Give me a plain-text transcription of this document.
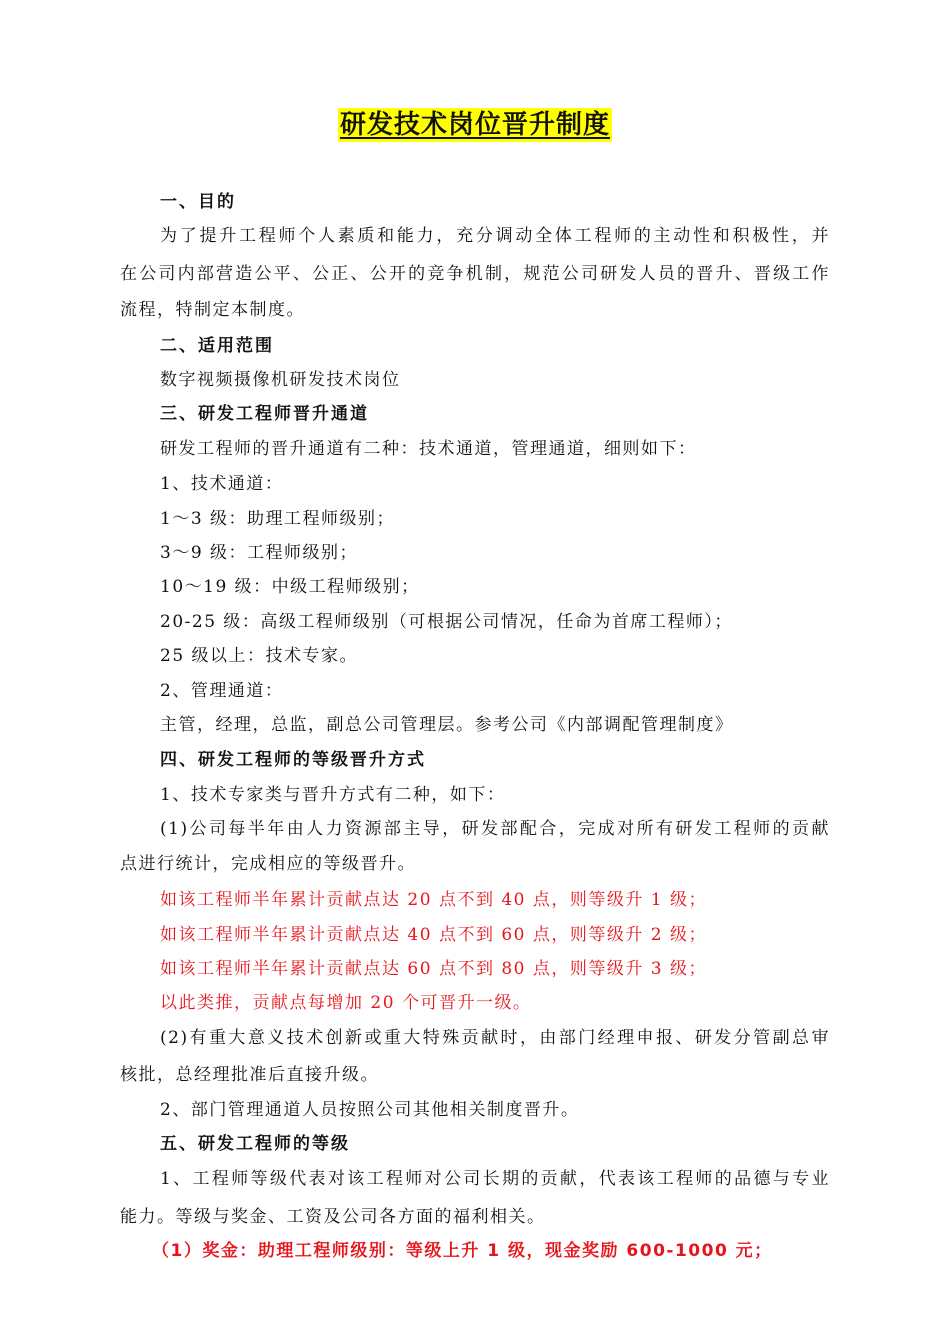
研发技术岗位晋升制度
一、目的
为了提升工程师个人素质和能力，充分调动全体工程师的主动性和积极性，并
在公司内部营造公平、公正、公开的竞争机制，规范公司研发人员的晋升、晋级工作
流程，特制定本制度。
二、适用范围
数字视频摄像机研发技术岗位
三、研发工程师晋升通道
研发工程师的晋升通道有二种：技术通道，管理通道，细则如下：
1、技术通道：
1～3 级：助理工程师级别；
3～9 级：工程师级别；
10～19 级：中级工程师级别；
20-25 级：高级工程师级别（可根据公司情况，任命为首席工程师）；
25 级以上：技术专家。
2、管理通道：
主管，经理，总监，副总公司管理层。参考公司《内部调配管理制度》
四、研发工程师的等级晋升方式
1、技术专家类与晋升方式有二种，如下：
(1)公司每半年由人力资源部主导，研发部配合，完成对所有研发工程师的贡献
点进行统计，完成相应的等级晋升。
如该工程师半年累计贡献点达 20 点不到 40 点，则等级升 1 级；
如该工程师半年累计贡献点达 40 点不到 60 点，则等级升 2 级；
如该工程师半年累计贡献点达 60 点不到 80 点，则等级升 3 级；
以此类推，贡献点每增加 20 个可晋升一级。
(2)有重大意义技术创新或重大特殊贡献时，由部门经理申报、研发分管副总审
核批，总经理批准后直接升级。
2、部门管理通道人员按照公司其他相关制度晋升。
五、研发工程师的等级
1、工程师等级代表对该工程师对公司长期的贡献，代表该工程师的品德与专业
能力。等级与奖金、工资及公司各方面的福利相关。
（1）奖金：助理工程师级别：等级上升 1 级，现金奖励 600-1000 元；
